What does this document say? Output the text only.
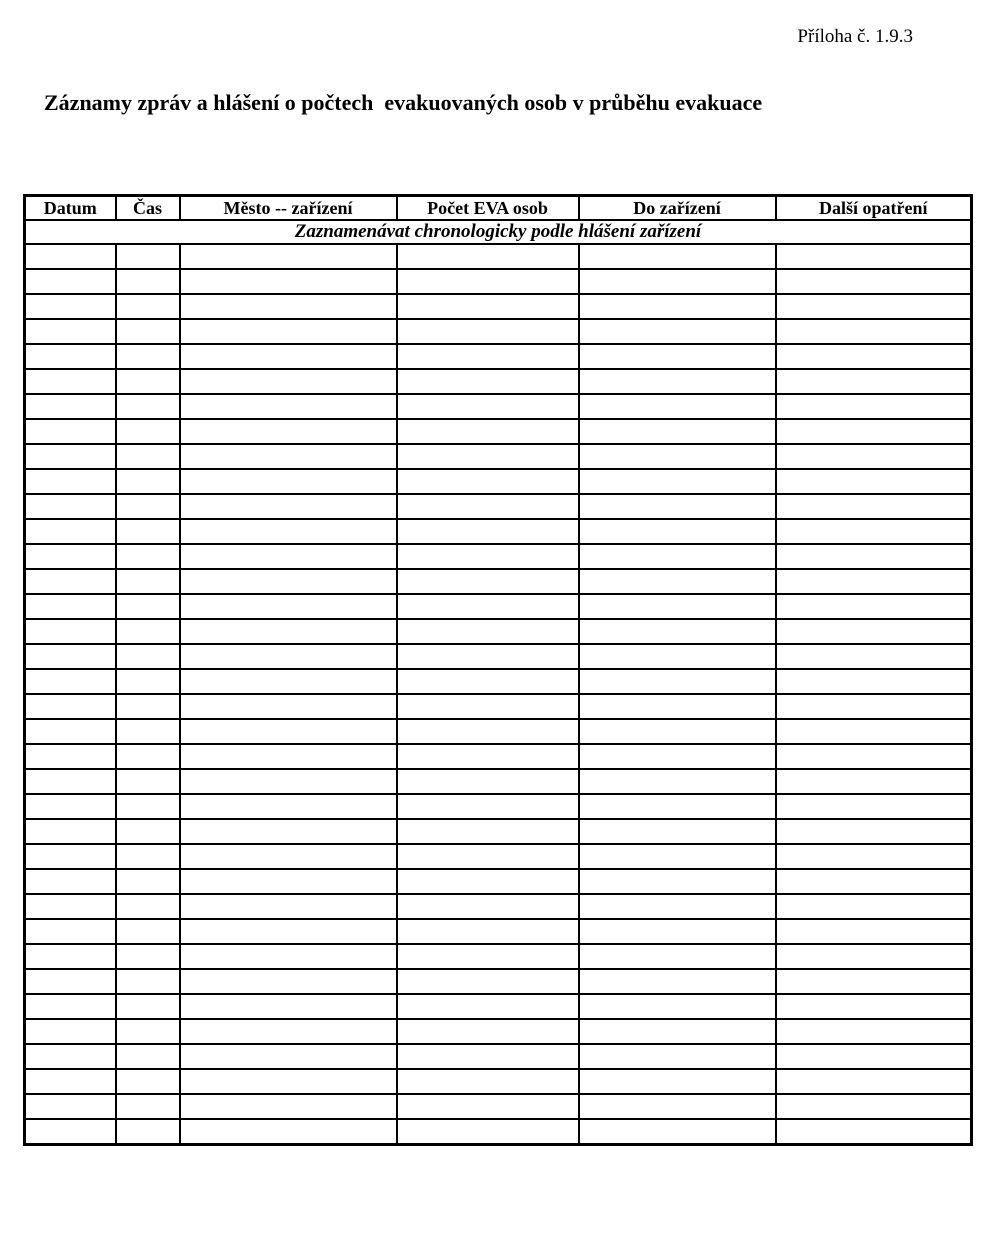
Příloha č. 1.9.3
Záznamy zpráv a hlášení o počtech  evakuovaných osob v průběhu evakuace
Datum	Čas	Město -- zařízení	Počet EVA osob	Do zařízení	Další opatření
Zaznamenávat chronologicky podle hlášení zařízení					
